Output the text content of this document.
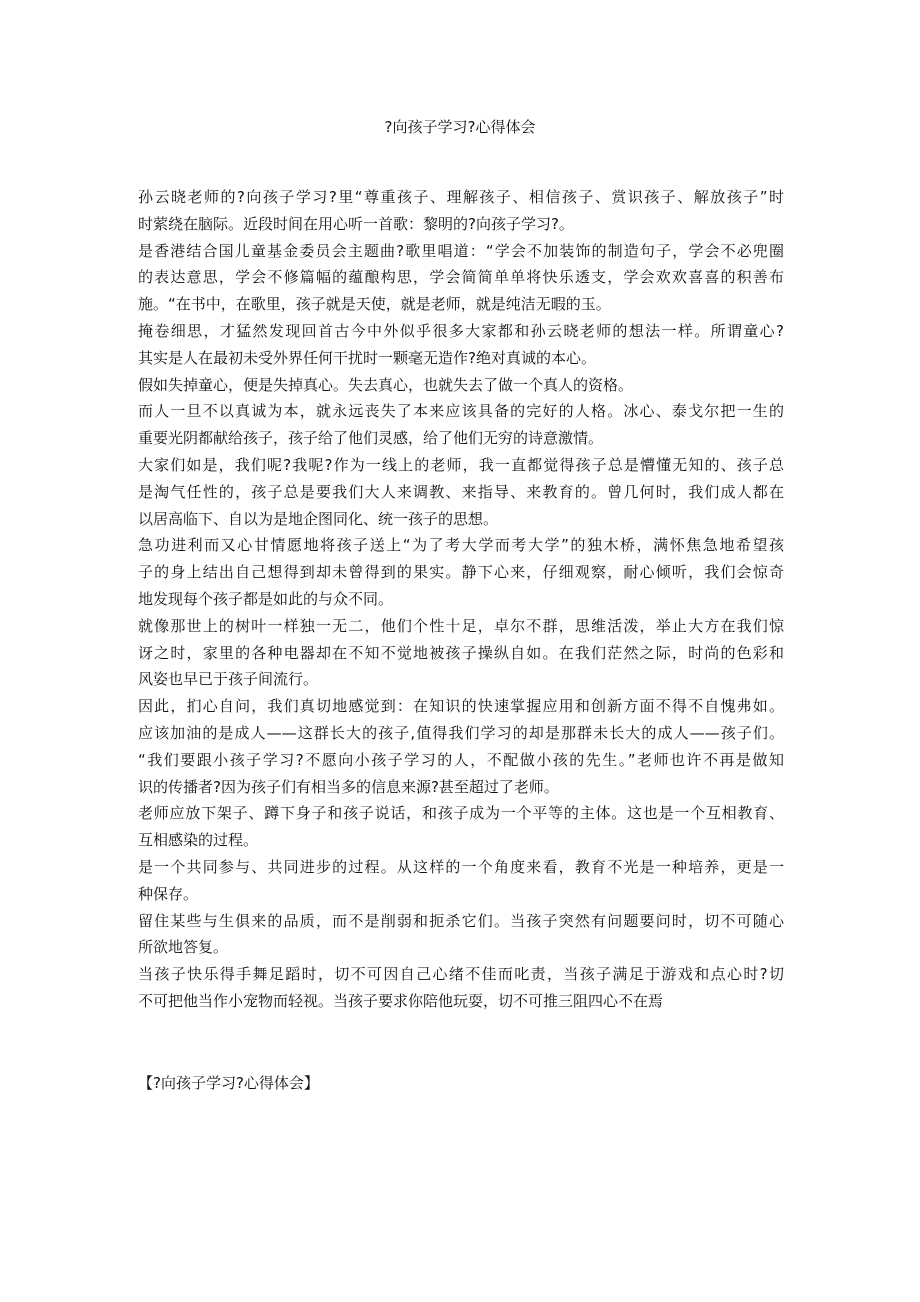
?向孩子学习?心得体会
孙云晓老师的?向孩子学习?里“尊重孩子、理解孩子、相信孩子、赏识孩子、解放孩子”时
时萦绕在脑际。近段时间在用心听一首歌：黎明的?向孩子学习?。
是香港结合国儿童基金委员会主题曲?歌里唱道：“学会不加装饰的制造句子，学会不必兜圈
的表达意思，学会不修篇幅的蕴酿构思，学会简简单单将快乐透支，学会欢欢喜喜的积善布
施。“在书中，在歌里，孩子就是天使，就是老师，就是纯洁无暇的玉。
掩卷细思，才猛然发现回首古今中外似乎很多大家都和孙云晓老师的想法一样。所谓童心?
其实是人在最初未受外界任何干扰时一颗毫无造作?绝对真诚的本心。
假如失掉童心，便是失掉真心。失去真心，也就失去了做一个真人的资格。
而人一旦不以真诚为本，就永远丧失了本来应该具备的完好的人格。冰心、泰戈尔把一生的
重要光阴都献给孩子，孩子给了他们灵感，给了他们无穷的诗意激情。
大家们如是，我们呢?我呢?作为一线上的老师，我一直都觉得孩子总是懵懂无知的、孩子总
是淘气任性的，孩子总是要我们大人来调教、来指导、来教育的。曾几何时，我们成人都在
以居高临下、自以为是地企图同化、统一孩子的思想。
急功进利而又心甘情愿地将孩子送上“为了考大学而考大学”的独木桥，满怀焦急地希望孩
子的身上结出自己想得到却未曾得到的果实。静下心来，仔细观察，耐心倾听，我们会惊奇
地发现每个孩子都是如此的与众不同。
就像那世上的树叶一样独一无二，他们个性十足，卓尔不群，思维活泼，举止大方在我们惊
讶之时，家里的各种电器却在不知不觉地被孩子操纵自如。在我们茫然之际，时尚的色彩和
风姿也早已于孩子间流行。
因此，扪心自问，我们真切地感觉到：在知识的快速掌握应用和创新方面不得不自愧弗如。
应该加油的是成人——这群长大的孩子,值得我们学习的却是那群未长大的成人——孩子们。
“我们要跟小孩子学习?不愿向小孩子学习的人，不配做小孩的先生。”老师也许不再是做知
识的传播者?因为孩子们有相当多的信息来源?甚至超过了老师。
老师应放下架子、蹲下身子和孩子说话，和孩子成为一个平等的主体。这也是一个互相教育、
互相感染的过程。
是一个共同参与、共同进步的过程。从这样的一个角度来看，教育不光是一种培养，更是一
种保存。
留住某些与生俱来的品质，而不是削弱和扼杀它们。当孩子突然有问题要问时，切不可随心
所欲地答复。
当孩子快乐得手舞足蹈时，切不可因自己心绪不佳而叱责，当孩子满足于游戏和点心时?切
不可把他当作小宠物而轻视。当孩子要求你陪他玩耍，切不可推三阻四心不在焉
【?向孩子学习?心得体会】
